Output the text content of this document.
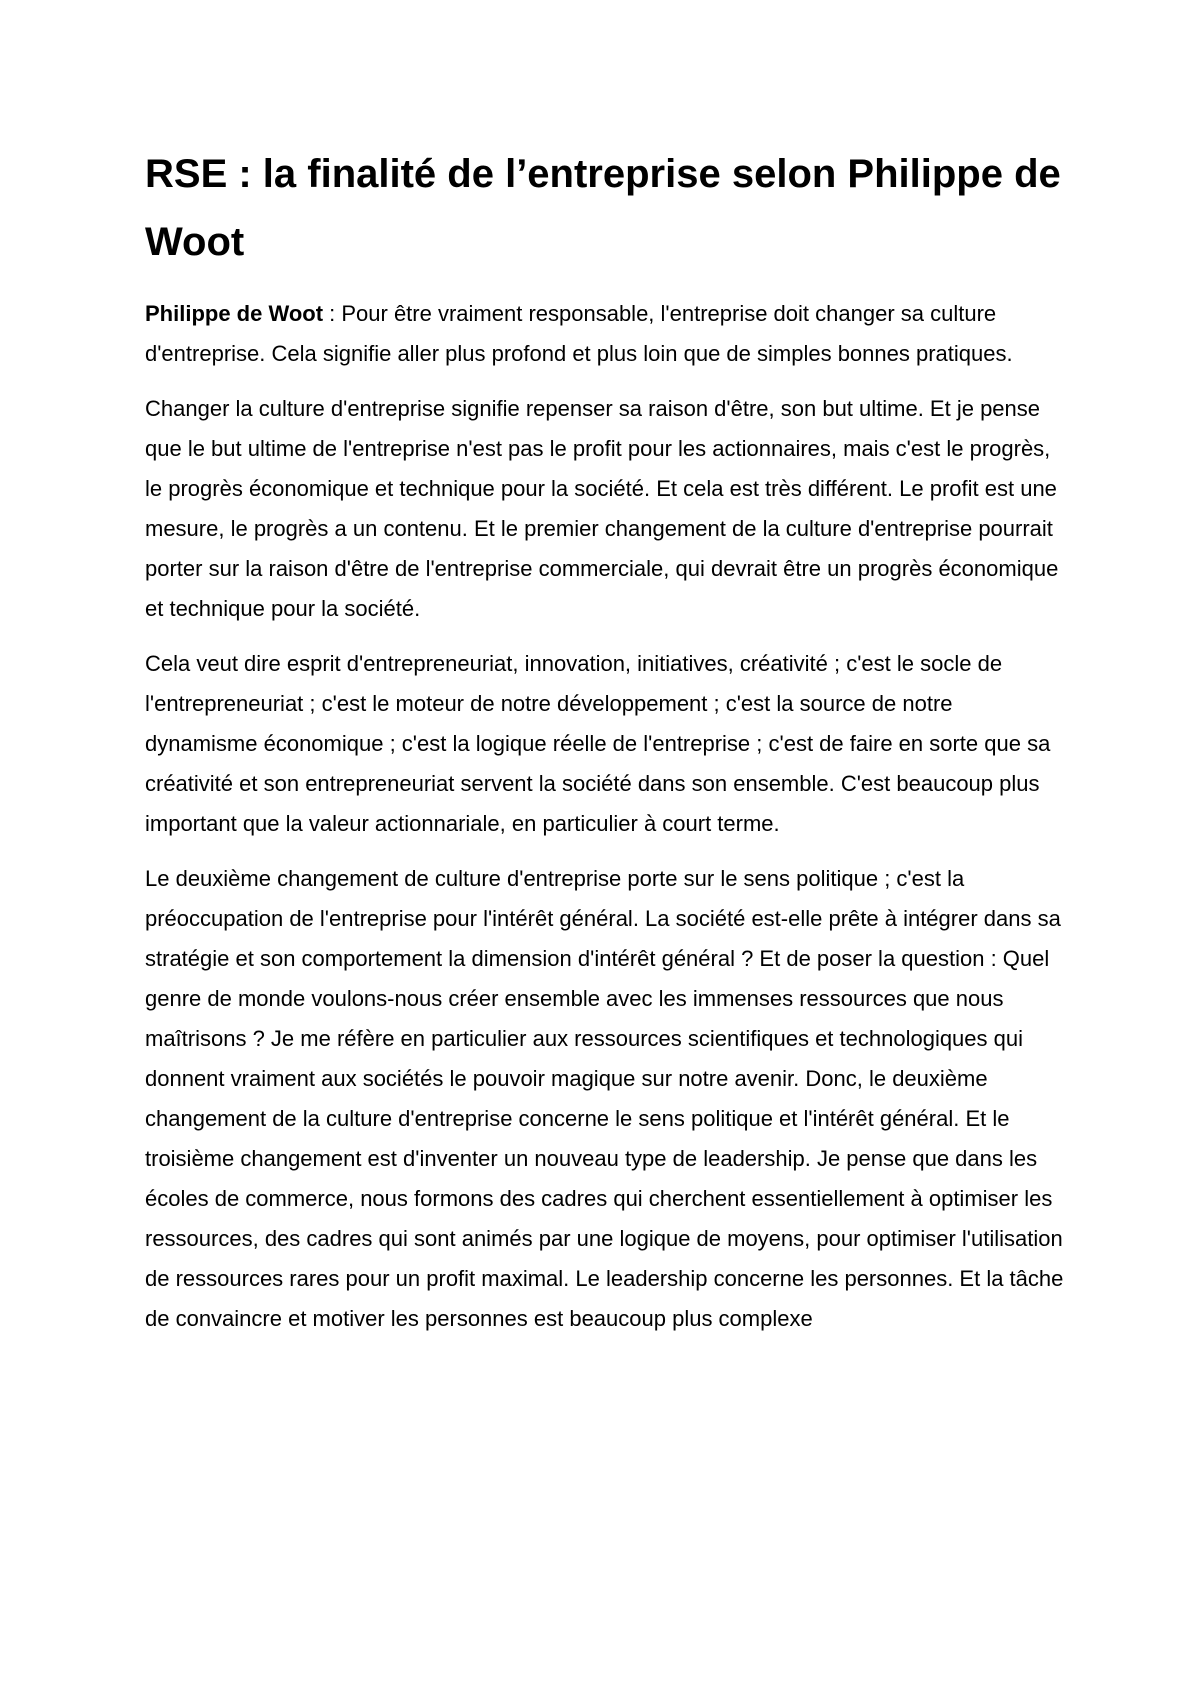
RSE : la finalité de l’entreprise selon Philippe de Woot

Philippe de Woot : Pour être vraiment responsable, l'entreprise doit changer sa culture d'entreprise. Cela signifie aller plus profond et plus loin que de simples bonnes pratiques.

Changer la culture d'entreprise signifie repenser sa raison d'être, son but ultime. Et je pense que le but ultime de l'entreprise n'est pas le profit pour les actionnaires, mais c'est le progrès, le progrès économique et technique pour la société. Et cela est très différent. Le profit est une mesure, le progrès a un contenu. Et le premier changement de la culture d'entreprise pourrait porter sur la raison d'être de l'entreprise commerciale, qui devrait être un progrès économique et technique pour la société.

Cela veut dire esprit d'entrepreneuriat, innovation, initiatives, créativité ; c'est le socle de l'entrepreneuriat ; c'est le moteur de notre développement ; c'est la source de notre dynamisme économique ; c'est la logique réelle de l'entreprise ; c'est de faire en sorte que sa créativité et son entrepreneuriat servent la société dans son ensemble. C'est beaucoup plus important que la valeur actionnariale, en particulier à court terme.

Le deuxième changement de culture d'entreprise porte sur le sens politique ; c'est la préoccupation de l'entreprise pour l'intérêt général. La société est-elle prête à intégrer dans sa stratégie et son comportement la dimension d'intérêt général ? Et de poser la question : Quel genre de monde voulons-nous créer ensemble avec les immenses ressources que nous maîtrisons ? Je me réfère en particulier aux ressources scientifiques et technologiques qui donnent vraiment aux sociétés le pouvoir magique sur notre avenir. Donc, le deuxième changement de la culture d'entreprise concerne le sens politique et l'intérêt général. Et le troisième changement est d'inventer un nouveau type de leadership. Je pense que dans les écoles de commerce, nous formons des cadres qui cherchent essentiellement à optimiser les ressources, des cadres qui sont animés par une logique de moyens, pour optimiser l'utilisation de ressources rares pour un profit maximal. Le leadership concerne les personnes. Et la tâche de convaincre et motiver les personnes est beaucoup plus complexe
